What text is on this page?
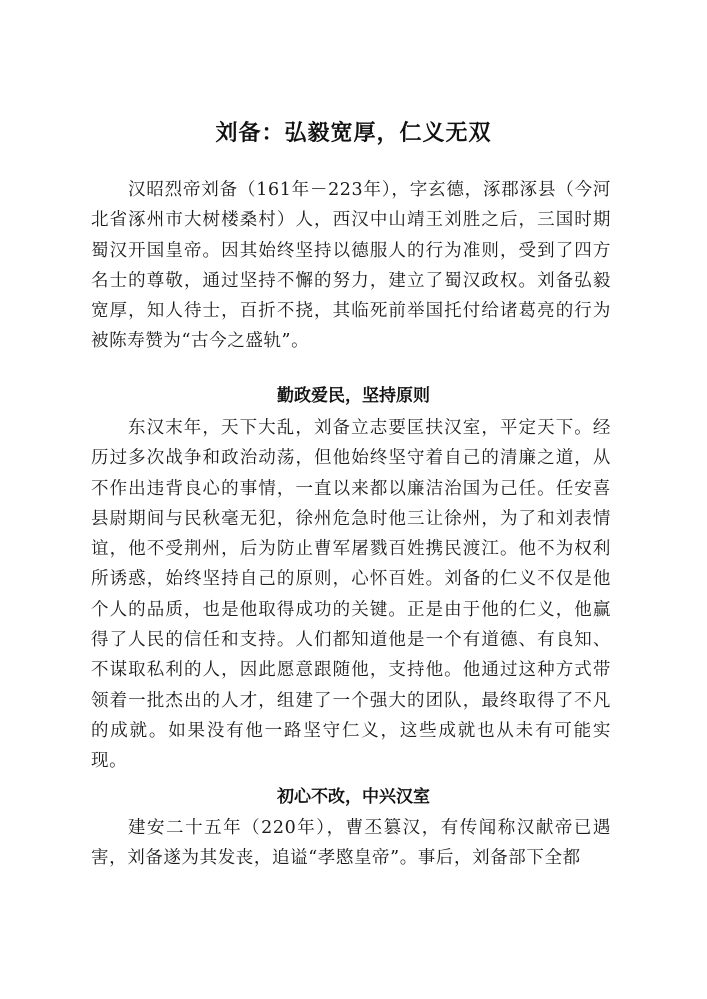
刘备：弘毅宽厚，仁义无双

汉昭烈帝刘备（161年－223年），字玄德，涿郡涿县（今河北省涿州市大树楼桑村）人，西汉中山靖王刘胜之后，三国时期蜀汉开国皇帝。因其始终坚持以德服人的行为准则，受到了四方名士的尊敬，通过坚持不懈的努力，建立了蜀汉政权。刘备弘毅宽厚，知人待士，百折不挠，其临死前举国托付给诸葛亮的行为被陈寿赞为“古今之盛轨”。

勤政爱民，坚持原则

东汉末年，天下大乱，刘备立志要匡扶汉室，平定天下。经历过多次战争和政治动荡，但他始终坚守着自己的清廉之道，从不作出违背良心的事情，一直以来都以廉洁治国为己任。任安喜县尉期间与民秋毫无犯，徐州危急时他三让徐州，为了和刘表情谊，他不受荆州，后为防止曹军屠戮百姓携民渡江。他不为权利所诱惑，始终坚持自己的原则，心怀百姓。刘备的仁义不仅是他个人的品质，也是他取得成功的关键。正是由于他的仁义，他赢得了人民的信任和支持。人们都知道他是一个有道德、有良知、不谋取私利的人，因此愿意跟随他，支持他。他通过这种方式带领着一批杰出的人才，组建了一个强大的团队，最终取得了不凡的成就。如果没有他一路坚守仁义，这些成就也从未有可能实现。

初心不改，中兴汉室

建安二十五年（220年），曹丕篡汉，有传闻称汉献帝已遇害，刘备遂为其发丧，追谥“孝愍皇帝”。事后，刘备部下全都
